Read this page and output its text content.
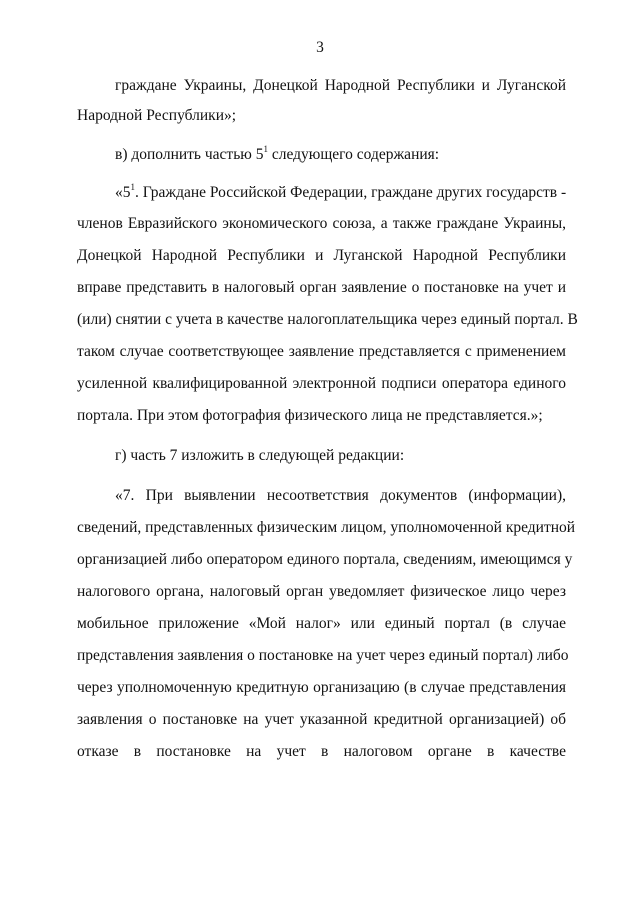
3
граждане Украины, Донецкой Народной Республики и Луганской
Народной Республики»;
в) дополнить частью $5^1$ следующего содержания:
«$5^1$. Граждане Российской Федерации, граждане других государств -
членов Евразийского экономического союза, а также граждане Украины,
Донецкой Народной Республики и Луганской Народной Республики
вправе представить в налоговый орган заявление о постановке на учет и
(или) снятии с учета в качестве налогоплательщика через единый портал. В
таком случае соответствующее заявление представляется с применением
усиленной квалифицированной электронной подписи оператора единого
портала. При этом фотография физического лица не представляется.»;
г) часть 7 изложить в следующей редакции:
«7. При выявлении несоответствия документов (информации),
сведений, представленных физическим лицом, уполномоченной кредитной
организацией либо оператором единого портала, сведениям, имеющимся у
налогового органа, налоговый орган уведомляет физическое лицо через
мобильное приложение «Мой налог» или единый портал (в случае
представления заявления о постановке на учет через единый портал) либо
через уполномоченную кредитную организацию (в случае представления
заявления о постановке на учет указанной кредитной организацией) об
отказе в постановке на учет в налоговом органе в качестве
